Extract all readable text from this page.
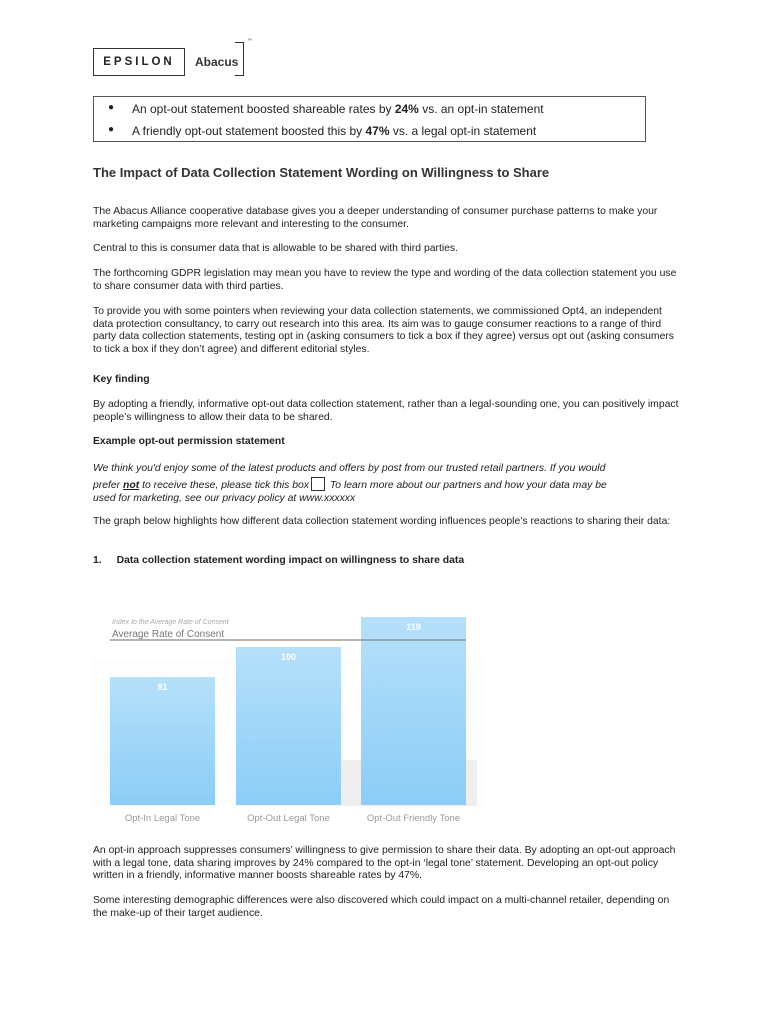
EPSILON	Abacus
™
● An opt-out statement boosted shareable rates by 24% vs. an opt-in statement
● A friendly opt-out statement boosted this by 47% vs. a legal opt-in statement
The Impact of Data Collection Statement Wording on Willingness to Share

The Abacus Alliance cooperative database gives you a deeper understanding of consumer purchase patterns to make your marketing campaigns more relevant and interesting to the consumer.

Central to this is consumer data that is allowable to be shared with third parties.

The forthcoming GDPR legislation may mean you have to review the type and wording of the data collection statement you use to share consumer data with third parties.

To provide you with some pointers when reviewing your data collection statements, we commissioned Opt4, an independent data protection consultancy, to carry out research into this area. Its aim was to gauge consumer reactions to a range of third party data collection statements, testing opt in (asking consumers to tick a box if they agree) versus opt out (asking consumers to tick a box if they don’t agree) and different editorial styles.

Key finding

By adopting a friendly, informative opt-out data collection statement, rather than a legal-sounding one, you can positively impact people’s willingness to allow their data to be shared.

Example opt-out permission statement
We think you'd enjoy some of the latest products and offers by post from our trusted retail partners. If you would
prefer not to receive these, please tick this box To learn more about our partners and how your data may be
used for marketing, see our privacy policy at www.xxxxxx

The graph below highlights how different data collection statement wording influences people’s reactions to sharing their data:

1. Data collection statement wording impact on willingness to share data
Average Rate of Consent
Index to the Average Rate of Consent
81
Opt-In Legal Tone
100
Opt-Out Legal Tone
119
Opt-Out Friendly Tone

An opt-in approach suppresses consumers’ willingness to give permission to share their data. By adopting an opt-out approach with a legal tone, data sharing improves by 24% compared to the opt-in ‘legal tone’ statement. Developing an opt-out policy written in a friendly, informative manner boosts shareable rates by 47%.

Some interesting demographic differences were also discovered which could impact on a multi-channel retailer, depending on the make-up of their target audience.
